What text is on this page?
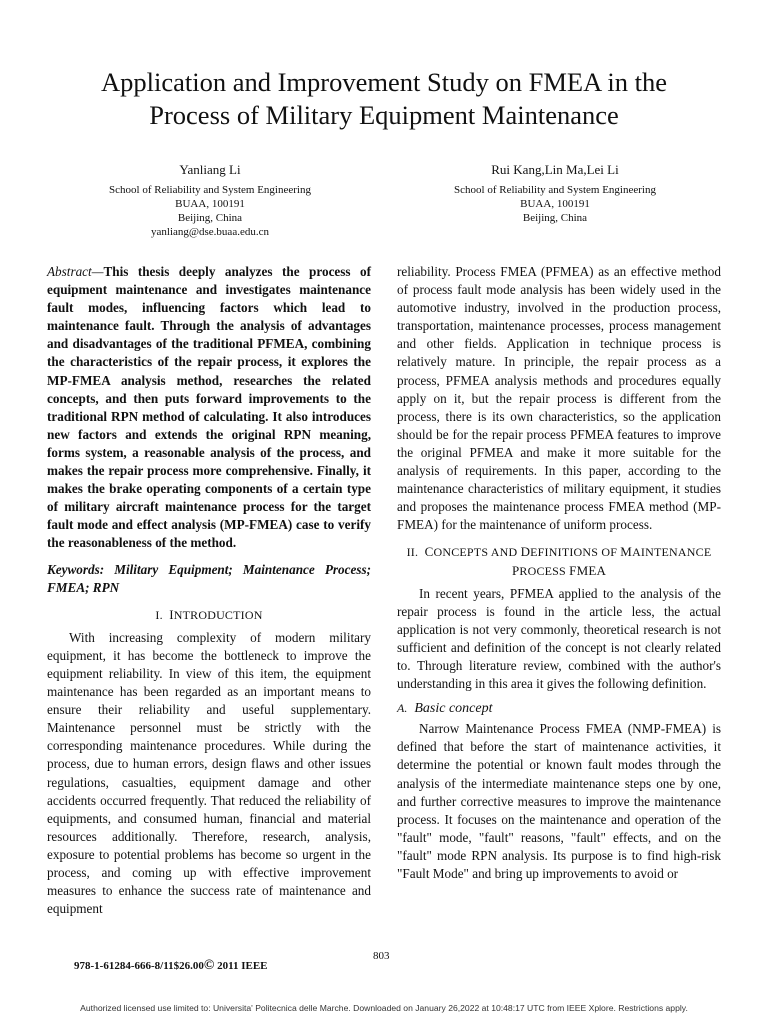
Application and Improvement Study on FMEA in the
Process of Military Equipment Maintenance
Yanliang Li
School of Reliability and System Engineering
BUAA, 100191
Beijing, China
yanliang@dse.buaa.edu.cn
Rui Kang,Lin Ma,Lei Li
School of Reliability and System Engineering
BUAA, 100191
Beijing, China

Abstract—This thesis deeply analyzes the process of equipment maintenance and investigates maintenance fault modes, influencing factors which lead to maintenance fault. Through the analysis of advantages and disadvantages of the traditional PFMEA, combining the characteristics of the repair process, it explores the MP-FMEA analysis method, researches the related concepts, and then puts forward improvements to the traditional RPN method of calculating. It also introduces new factors and extends the original RPN meaning, forms system, a reasonable analysis of the process, and makes the repair process more comprehensive. Finally, it makes the brake operating components of a certain type of military aircraft maintenance process for the target fault mode and effect analysis (MP-FMEA) case to verify the reasonableness of the method.

Keywords: Military Equipment; Maintenance Process; FMEA; RPN

I. INTRODUCTION

With increasing complexity of modern military equipment, it has become the bottleneck to improve the equipment reliability. In view of this item, the equipment maintenance has been regarded as an important means to ensure their reliability and useful supplementary. Maintenance personnel must be strictly with the corresponding maintenance procedures. While during the process, due to human errors, design flaws and other issues regulations, casualties, equipment damage and other accidents occurred frequently. That reduced the reliability of equipments, and consumed human, financial and material resources additionally. Therefore, research, analysis, exposure to potential problems has become so urgent in the process, and coming up with effective improvement measures to enhance the success rate of maintenance and equipment

reliability. Process FMEA (PFMEA) as an effective method of process fault mode analysis has been widely used in the automotive industry, involved in the production process, transportation, maintenance processes, process management and other fields. Application in technique process is relatively mature. In principle, the repair process as a process, PFMEA analysis methods and procedures equally apply on it, but the repair process is different from the process, there is its own characteristics, so the application should be for the repair process PFMEA features to improve the original PFMEA and make it more suitable for the analysis of requirements. In this paper, according to the maintenance characteristics of military equipment, it studies and proposes the maintenance process FMEA method (MP-FMEA) for the maintenance of uniform process.

II. CONCEPTS AND DEFINITIONS OF MAINTENANCE
PROCESS FMEA

In recent years, PFMEA applied to the analysis of the repair process is found in the article less, the actual application is not very commonly, theoretical research is not sufficient and definition of the concept is not clearly related to. Through literature review, combined with the author's understanding in this area it gives the following definition.

A. Basic concept

Narrow Maintenance Process FMEA (NMP-FMEA) is defined that before the start of maintenance activities, it determine the potential or known fault modes through the analysis of the intermediate maintenance steps one by one, and further corrective measures to improve the maintenance process. It focuses on the maintenance and operation of the "fault" mode, "fault" reasons, "fault" effects, and on the "fault" mode RPN analysis. Its purpose is to find high-risk "Fault Mode" and bring up improvements to avoid or

978-1-61284-666-8/11$26.00© 2011 IEEE
803
Authorized licensed use limited to: Universita' Politecnica delle Marche. Downloaded on January 26,2022 at 10:48:17 UTC from IEEE Xplore. Restrictions apply.
